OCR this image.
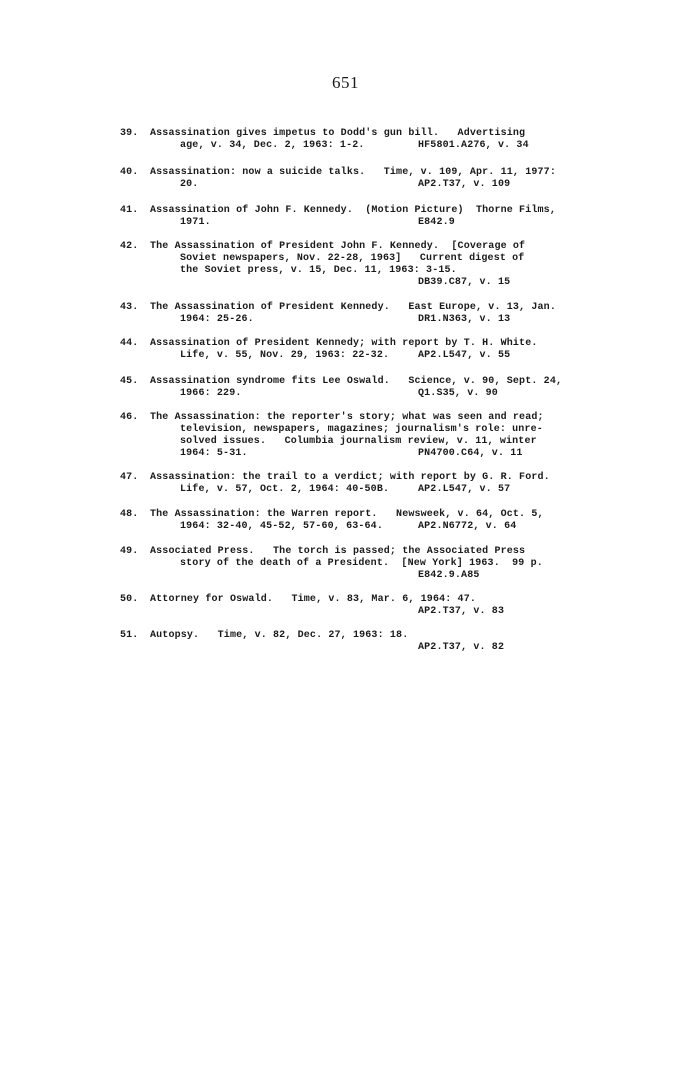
651

39.

Assassination gives impetus to Dodd's gun bill.   Advertising

age, v. 34, Dec. 2, 1963: 1-2.

	HF5801.A276, v. 34

40.

Assassination: now a suicide talks.   Time, v. 109, Apr. 11, 1977:

20.

	AP2.T37, v. 109

41.

Assassination of John F. Kennedy.  (Motion Picture)  Thorne Films,

1971.

	E842.9

42.

The Assassination of President John F. Kennedy.  [Coverage of

Soviet newspapers, Nov. 22-28, 1963]   Current digest of

the Soviet press, v. 15, Dec. 11, 1963: 3-15.

DB39.C87, v. 15

43.

The Assassination of President Kennedy.   East Europe, v. 13, Jan.

1964: 25-26.

	DR1.N363, v. 13

44.

Assassination of President Kennedy; with report by T. H. White.

Life, v. 55, Nov. 29, 1963: 22-32.

	AP2.L547, v. 55

45.

Assassination syndrome fits Lee Oswald.   Science, v. 90, Sept. 24,

1966: 229.

	Q1.S35, v. 90

46.

The Assassination: the reporter's story; what was seen and read;

television, newspapers, magazines; journalism's role: unre-

solved issues.   Columbia journalism review, v. 11, winter

1964: 5-31.

	PN4700.C64, v. 11

47.

Assassination: the trail to a verdict; with report by G. R. Ford.

Life, v. 57, Oct. 2, 1964: 40-50B.

	AP2.L547, v. 57

48.

The Assassination: the Warren report.   Newsweek, v. 64, Oct. 5,

1964: 32-40, 45-52, 57-60, 63-64.

	AP2.N6772, v. 64

49.

Associated Press.   The torch is passed; the Associated Press

story of the death of a President.  [New York] 1963.  99 p.

E842.9.A85

50.

Attorney for Oswald.   Time, v. 83, Mar. 6, 1964: 47.

AP2.T37, v. 83

51.

Autopsy.   Time, v. 82, Dec. 27, 1963: 18.

AP2.T37, v. 82
